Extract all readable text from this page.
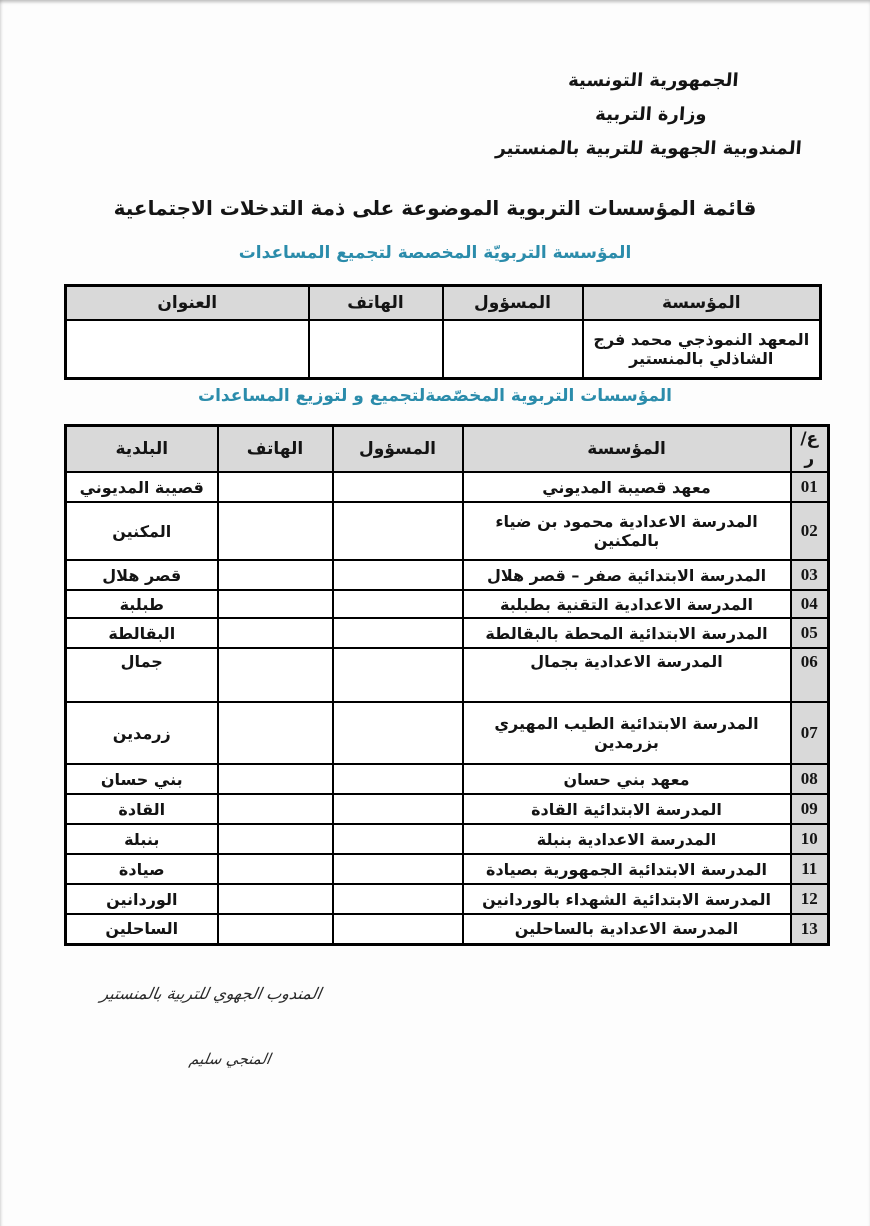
الجمهورية التونسية
وزارة التربية
المندوبية الجهوية للتربية بالمنستير
قائمة المؤسسات التربوية الموضوعة على ذمة التدخلات الاجتماعية
المؤسسة التربويّة المخصصة لتجميع المساعدات
المؤسسة	المسؤول	الهاتف	العنوان
المعهد النموذجي محمد فرج الشاذلي بالمنستير			
المؤسسات التربوية المخصّصةلتجميع و لتوزيع المساعدات
ع/ر	المؤسسة	المسؤول	الهاتف	البلدية
01	معهد قصيبة المديوني			قصيبة المديوني
02	المدرسة الاعدادية محمود بن ضياء بالمكنين			المكنين
03	المدرسة الابتدائية صفر – قصر هلال			قصر هلال
04	المدرسة الاعدادية التقنية بطبلبة			طبلبة
05	المدرسة الابتدائية المحطة بالبقالطة			البقالطة
06	المدرسة الاعدادية بجمال			جمال
07	المدرسة الابتدائية الطيب المهيري بزرمدين			زرمدين
08	معهد بني حسان			بني حسان
09	المدرسة الابتدائية القادة			القادة
10	المدرسة الاعدادية بنبلة			بنبلة
11	المدرسة الابتدائية الجمهورية بصيادة			صيادة
12	المدرسة الابتدائية الشهداء بالوردانين			الوردانين
13	المدرسة الاعدادية بالساحلين			الساحلين
المندوب الجهوي للتربية بالمنستير
المنجي سليم
